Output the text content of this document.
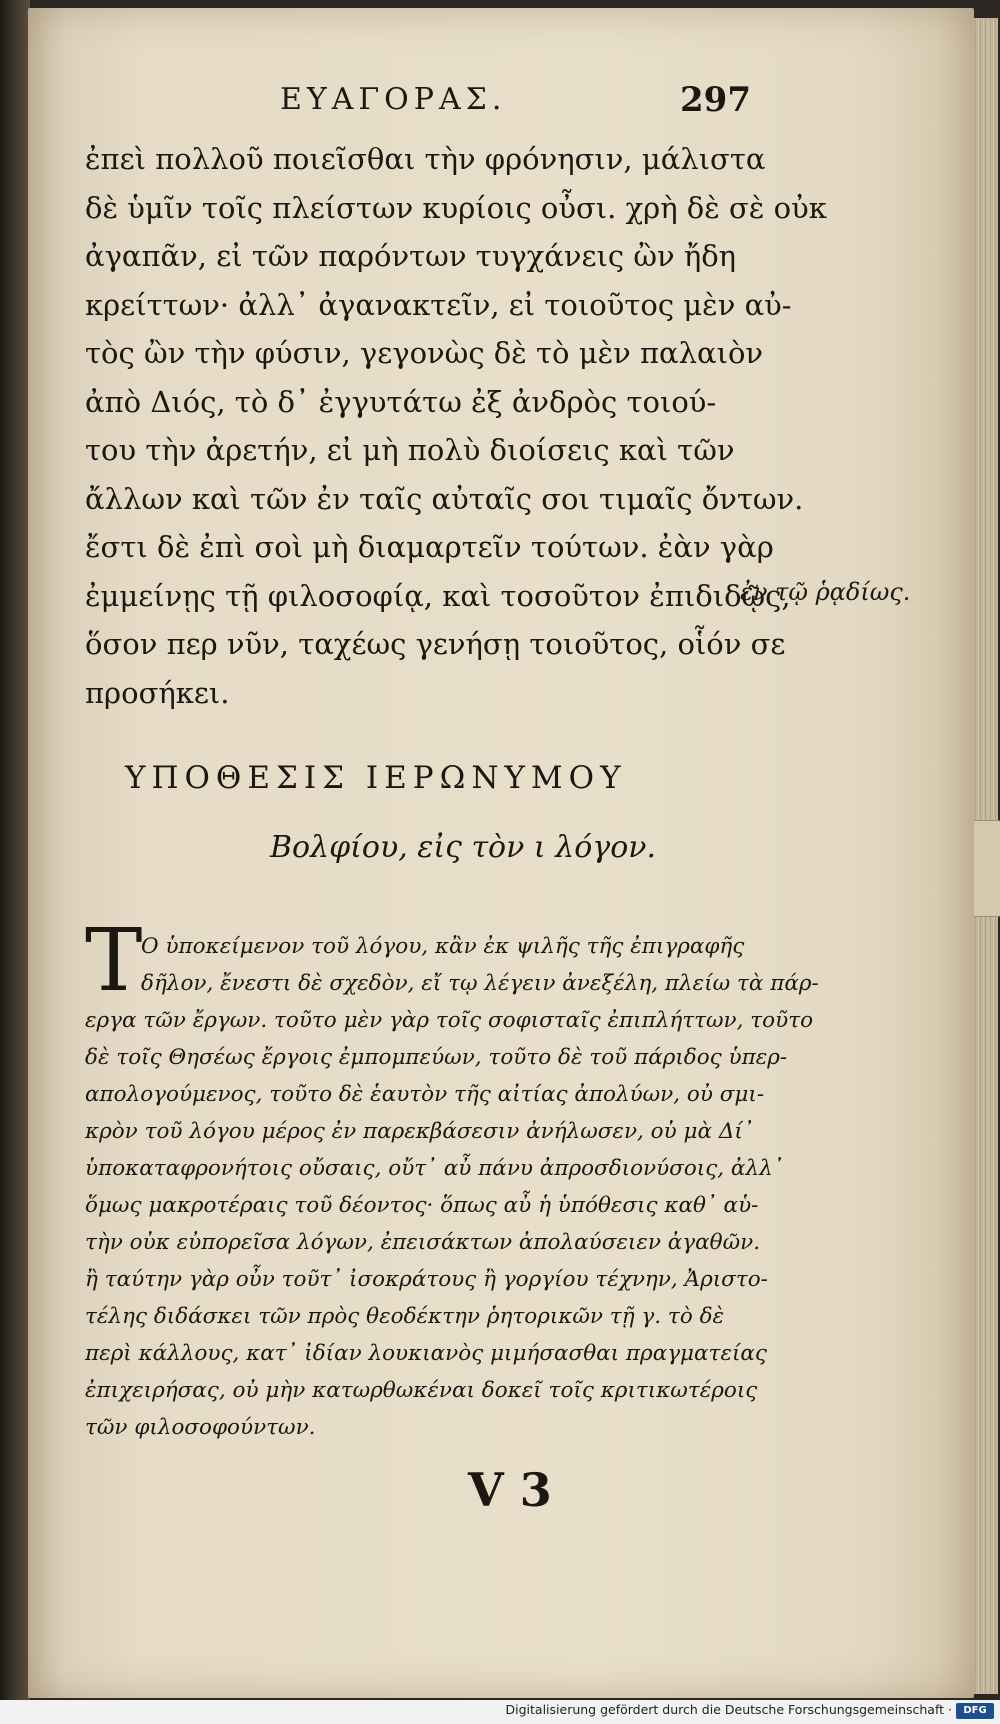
ΕΥΑΓΟΡΑΣ.	297
ἐπεὶ πολλοῦ ποιεῖσθαι τὴν φρόνησιν, μάλιστα
δὲ ὑμῖν τοῖς πλείστων κυρίοις οὖσι. χρὴ δὲ σὲ οὐκ
ἀγαπᾶν, εἰ τῶν παρόντων τυγχάνεις ὢν ἤδη
κρείττων· ἀλλ᾽ ἀγανακτεῖν, εἰ τοιοῦτος μὲν αὐ-
τὸς ὢν τὴν φύσιν, γεγονὼς δὲ τὸ μὲν παλαιὸν
ἀπὸ Διός, τὸ δ᾽ ἐγγυτάτω ἐξ ἀνδρὸς τοιού-
του τὴν ἀρετήν, εἰ μὴ πολὺ διοίσεις καὶ τῶν
ἄλλων καὶ τῶν ἐν ταῖς αὐταῖς σοι τιμαῖς ὄντων.
ἔστι δὲ ἐπὶ σοὶ μὴ διαμαρτεῖν τούτων. ἐὰν γὰρ
ἐμμείνῃς τῇ φιλοσοφίᾳ, καὶ τοσοῦτον ἐπιδιδῷς,
ὅσον περ νῦν, ταχέως γενήσῃ τοιοῦτος, οἷόν σε
προσήκει.
ἐν τῷ ῥᾳδίως.
ΥΠΟΘΕΣΙΣ ΙΕΡΩΝΥΜΟΥ
Βολφίου, εἰς τὸν ι λόγον.
Τ
Ο ὑποκείμενον τοῦ λόγου, κἂν ἐκ ψιλῆς τῆς ἐπιγραφῆς
δῆλον, ἔνεστι δὲ σχεδὸν, εἴ τῳ λέγειν ἀνεξέλη, πλείω τὰ πάρ-
εργα τῶν ἔργων. τοῦτο μὲν γὰρ τοῖς σοφισταῖς ἐπιπλήττων, τοῦτο
δὲ τοῖς Θησέως ἔργοις ἐμπομπεύων, τοῦτο δὲ τοῦ πάριδος ὑπερ-
απολογούμενος, τοῦτο δὲ ἑαυτὸν τῆς αἰτίας ἀπολύων, οὐ σμι-
κρὸν τοῦ λόγου μέρος ἐν παρεκβάσεσιν ἀνήλωσεν, οὐ μὰ Δί᾽
ὑποκαταφρονήτοις οὔσαις, οὔτ᾽ αὖ πάνυ ἀπροσδιονύσοις, ἀλλ᾽
ὅμως μακροτέραις τοῦ δέοντος· ὅπως αὖ ἡ ὑπόθεσις καθ᾽ αὑ-
τὴν οὐκ εὐπορεῖσα λόγων, ἐπεισάκτων ἀπολαύσειεν ἀγαθῶν.
ἢ ταύτην γὰρ οὖν τοῦτ᾽ ἰσοκράτους ἢ γοργίου τέχνην, Ἀριστο-
τέλης διδάσκει τῶν πρὸς θεοδέκτην ῥητορικῶν τῇ γ. τὸ δὲ
περὶ κάλλους, κατ᾽ ἰδίαν λουκιανὸς μιμήσασθαι πραγματείας
ἐπιχειρήσας, οὐ μὴν κατωρθωκέναι δοκεῖ τοῖς κριτικωτέροις
τῶν φιλοσοφούντων.
V 3
Digitalisierung gefördert durch die Deutsche Forschungsgemeinschaft ·	DFG
